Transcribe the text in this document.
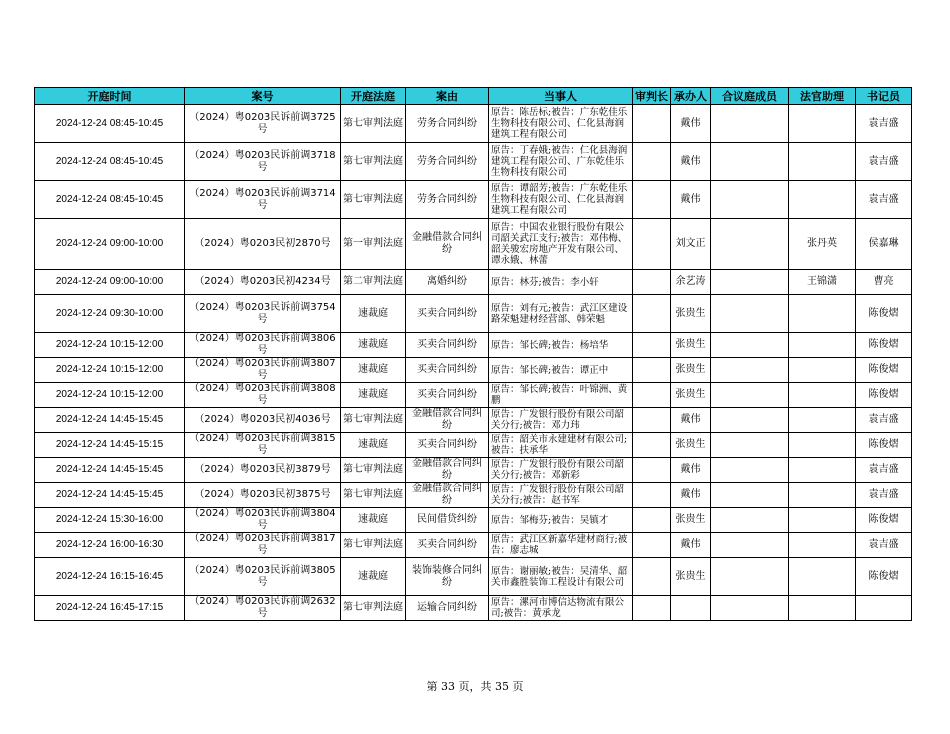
开庭时间	案号	开庭法庭	案由	当事人	审判长	承办人	合议庭成员	法官助理	书记员
2024-12-24 08:45-10:45	（2024）粤0203民诉前调3725号	第七审判法庭	劳务合同纠纷	原告：陈岳标;被告：广东乾佳乐生物科技有限公司、仁化县海润建筑工程有限公司		戴伟			袁吉盛
2024-12-24 08:45-10:45	（2024）粤0203民诉前调3718号	第七审判法庭	劳务合同纠纷	原告：丁春娥;被告：仁化县海润建筑工程有限公司、广东乾佳乐生物科技有限公司		戴伟			袁吉盛
2024-12-24 08:45-10:45	（2024）粤0203民诉前调3714号	第七审判法庭	劳务合同纠纷	原告：谭韶芳;被告：广东乾佳乐生物科技有限公司、仁化县海润建筑工程有限公司		戴伟			袁吉盛
2024-12-24 09:00-10:00	（2024）粤0203民初2870号	第一审判法庭	金融借款合同纠纷	原告：中国农业银行股份有限公司韶关武江支行;被告：邓伟梅、韶关骏宏房地产开发有限公司、谭永娥、林蕾		刘文正		张丹英	侯嘉琳
2024-12-24 09:00-10:00	（2024）粤0203民初4234号	第二审判法庭	离婚纠纷	原告：林芬;被告：李小轩		余艺涛		王锦潇	曹亮
2024-12-24 09:30-10:00	（2024）粤0203民诉前调3754号	速裁庭	买卖合同纠纷	原告：刘有元;被告：武江区建设路荣魁建材经营部、韩荣魁		张贵生			陈俊熠
2024-12-24 10:15-12:00	（2024）粤0203民诉前调3806号	速裁庭	买卖合同纠纷	原告：邹长碑;被告：杨培华		张贵生			陈俊熠
2024-12-24 10:15-12:00	（2024）粤0203民诉前调3807号	速裁庭	买卖合同纠纷	原告：邹长碑;被告：谭正中		张贵生			陈俊熠
2024-12-24 10:15-12:00	（2024）粤0203民诉前调3808号	速裁庭	买卖合同纠纷	原告：邹长碑;被告：叶锦洲、黄鹏		张贵生			陈俊熠
2024-12-24 14:45-15:45	（2024）粤0203民初4036号	第七审判法庭	金融借款合同纠纷	原告：广发银行股份有限公司韶关分行;被告：邓力玮		戴伟			袁吉盛
2024-12-24 14:45-15:15	（2024）粤0203民诉前调3815号	速裁庭	买卖合同纠纷	原告：韶关市永建建材有限公司;被告：扶承华		张贵生			陈俊熠
2024-12-24 14:45-15:45	（2024）粤0203民初3879号	第七审判法庭	金融借款合同纠纷	原告：广发银行股份有限公司韶关分行;被告：邓新彩		戴伟			袁吉盛
2024-12-24 14:45-15:45	（2024）粤0203民初3875号	第七审判法庭	金融借款合同纠纷	原告：广发银行股份有限公司韶关分行;被告：赵书军		戴伟			袁吉盛
2024-12-24 15:30-16:00	（2024）粤0203民诉前调3804号	速裁庭	民间借贷纠纷	原告：邹梅芬;被告：吴镇才		张贵生			陈俊熠
2024-12-24 16:00-16:30	（2024）粤0203民诉前调3817号	第七审判法庭	买卖合同纠纷	原告：武江区新嘉华建材商行;被告：廖志城		戴伟			袁吉盛
2024-12-24 16:15-16:45	（2024）粤0203民诉前调3805号	速裁庭	装饰装修合同纠纷	原告：谢丽敏;被告：吴清华、韶关市鑫胜装饰工程设计有限公司		张贵生			陈俊熠
2024-12-24 16:45-17:15	（2024）粤0203民诉前调2632号	第七审判法庭	运输合同纠纷	原告：漯河市博信达物流有限公司;被告：黄承龙					
第 33 页，共 35 页
